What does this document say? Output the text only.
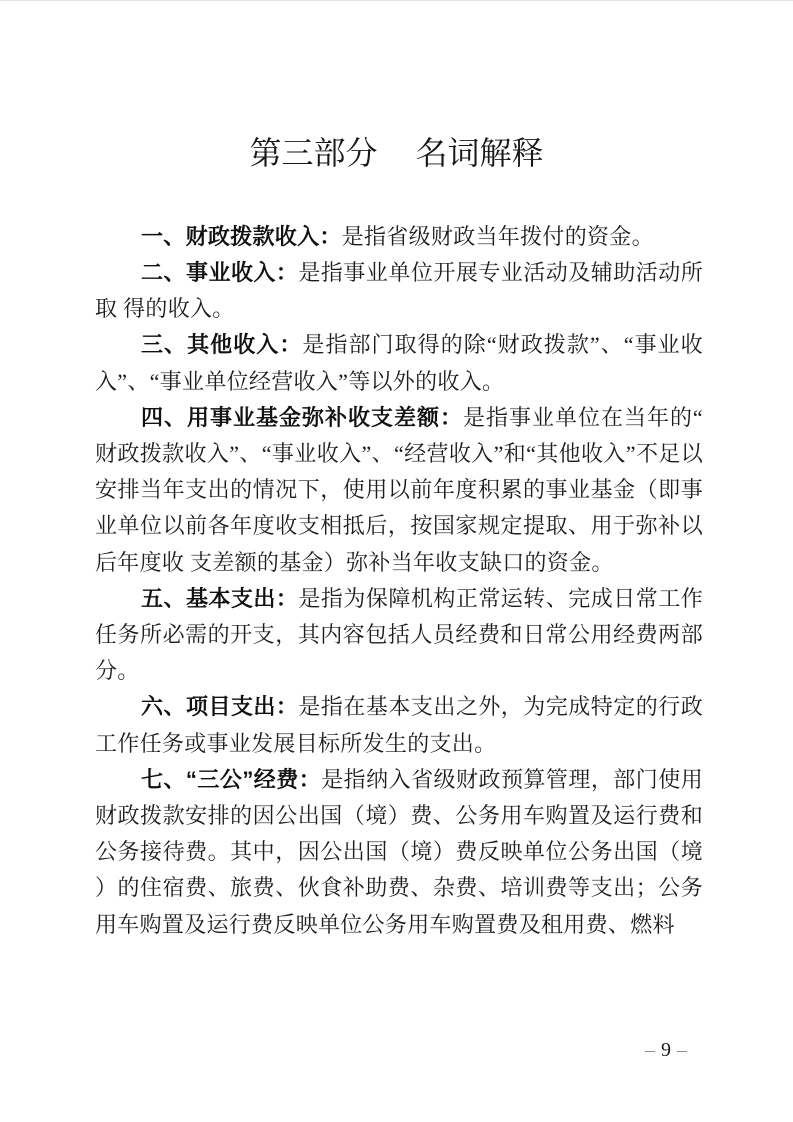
第三部分 名词解释

一、财政拨款收入：是指省级财政当年拨付的资金。

二、事业收入：是指事业单位开展专业活动及辅助活动所取 得的收入。

三、其他收入：是指部门取得的除“财政拨款”、“事业收入”、“事业单位经营收入”等以外的收入。

四、用事业基金弥补收支差额：是指事业单位在当年的“财政拨款收入”、“事业收入”、“经营收入”和“其他收入”不足以安排当年支出的情况下，使用以前年度积累的事业基金（即事业单位以前各年度收支相抵后，按国家规定提取、用于弥补以后年度收 支差额的基金）弥补当年收支缺口的资金。

五、基本支出：是指为保障机构正常运转、完成日常工作任务所必需的开支，其内容包括人员经费和日常公用经费两部分。

六、项目支出：是指在基本支出之外，为完成特定的行政工作任务或事业发展目标所发生的支出。

七、“三公”经费：是指纳入省级财政预算管理，部门使用财政拨款安排的因公出国（境）费、公务用车购置及运行费和公务接待费。其中，因公出国（境）费反映单位公务出国（境）的住宿费、旅费、伙食补助费、杂费、培训费等支出；公务用车购置及运行费反映单位公务用车购置费及租用费、燃料

– 9 –
